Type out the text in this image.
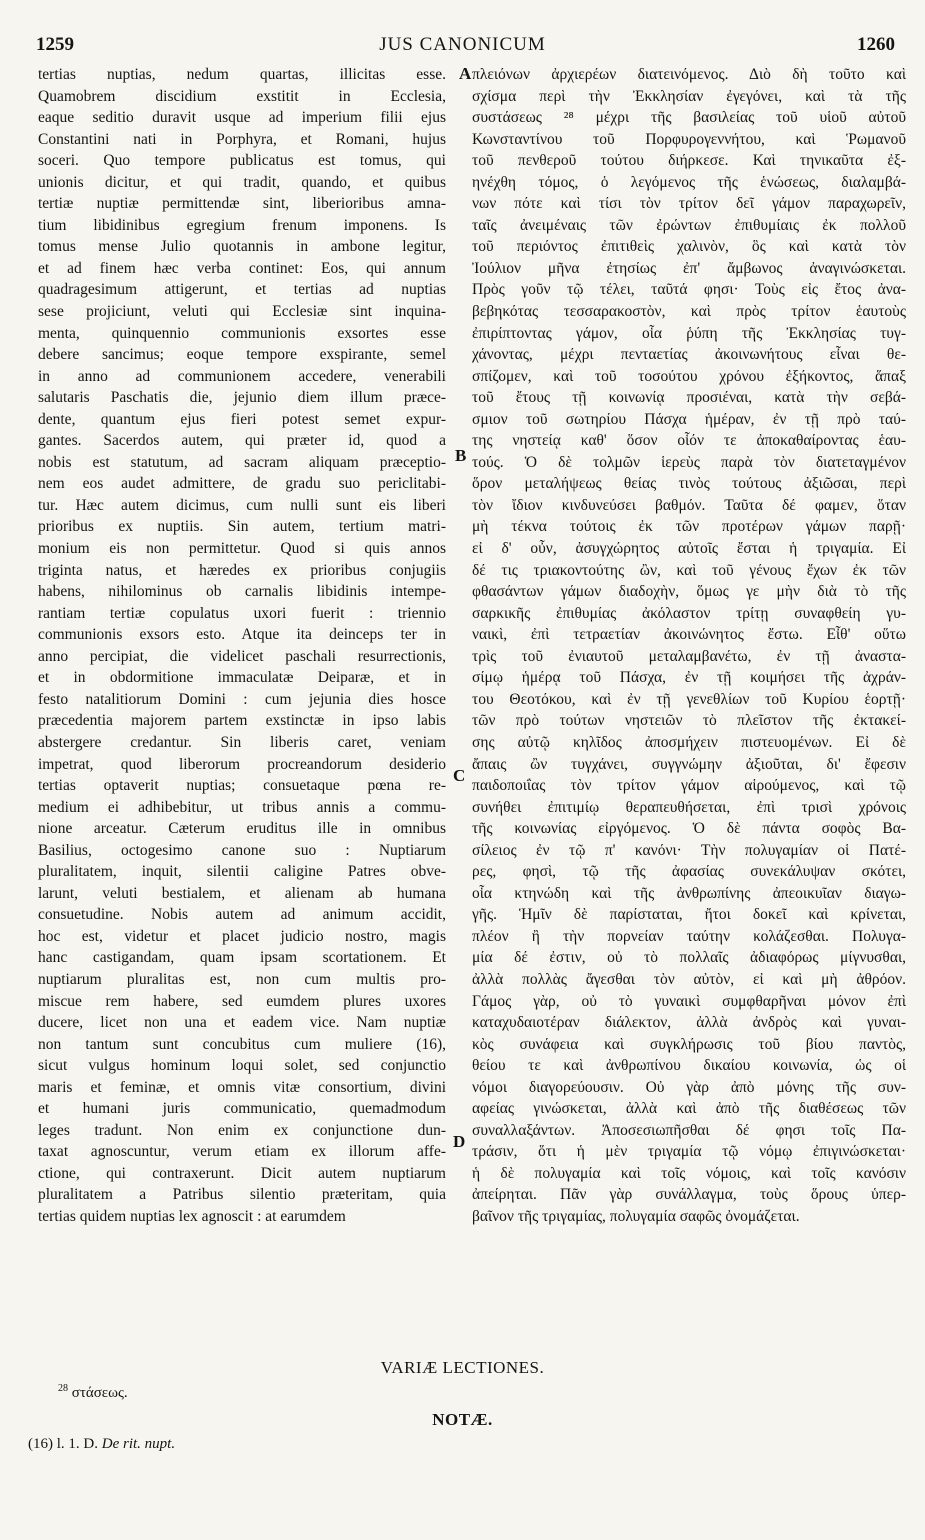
1259	JUS CANONICUM	1260
tertias nuptias, nedum quartas, illicitas esse.
Quamobrem discidium exstitit in Ecclesia,
eaque seditio duravit usque ad imperium filii ejus
Constantini nati in Porphyra, et Romani, hujus
soceri. Quo tempore publicatus est tomus, qui
unionis dicitur, et qui tradit, quando, et quibus
tertiæ nuptiæ permittendæ sint, liberioribus amna-
tium libidinibus egregium frenum imponens. Is
tomus mense Julio quotannis in ambone legitur,
et ad finem hæc verba continet: Eos, qui annum
quadragesimum attigerunt, et tertias ad nuptias
sese projiciunt, veluti qui Ecclesiæ sint inquina-
menta, quinquennio communionis exsortes esse
debere sancimus; eoque tempore exspirante, semel
in anno ad communionem accedere, venerabili
salutaris Paschatis die, jejunio diem illum præce-
dente, quantum ejus fieri potest semet expur-
gantes. Sacerdos autem, qui præter id, quod a
nobis est statutum, ad sacram aliquam præceptio-
nem eos audet admittere, de gradu suo periclitabi-
tur. Hæc autem dicimus, cum nulli sunt eis liberi
prioribus ex nuptiis. Sin autem, tertium matri-
monium eis non permittetur. Quod si quis annos
triginta natus, et hæredes ex prioribus conjugiis
habens, nihilominus ob carnalis libidinis intempe-
rantiam tertiæ copulatus uxori fuerit : triennio
communionis exsors esto. Atque ita deinceps ter in
anno percipiat, die videlicet paschali resurrectionis,
et in obdormitione immaculatæ Deiparæ, et in
festo natalitiorum Domini : cum jejunia dies hosce
præcedentia majorem partem exstinctæ in ipso labis
abstergere credantur. Sin liberis caret, veniam
impetrat, quod liberorum procreandorum desiderio
tertias optaverit nuptias; consuetaque pœna re-
medium ei adhibebitur, ut tribus annis a commu-
nione arceatur. Cæterum eruditus ille in omnibus
Basilius, octogesimo canone suo : Nuptiarum
pluralitatem, inquit, silentii caligine Patres obve-
larunt, veluti bestialem, et alienam ab humana
consuetudine. Nobis autem ad animum accidit,
hoc est, videtur et placet judicio nostro, magis
hanc castigandam, quam ipsam scortationem. Et
nuptiarum pluralitas est, non cum multis pro-
miscue rem habere, sed eumdem plures uxores
ducere, licet non una et eadem vice. Nam nuptiæ
non tantum sunt concubitus cum muliere (16),
sicut vulgus hominum loqui solet, sed conjunctio
maris et feminæ, et omnis vitæ consortium, divini
et humani juris communicatio, quemadmodum
leges tradunt. Non enim ex conjunctione dun-
taxat agnoscuntur, verum etiam ex illorum affe-
ctione, qui contraxerunt. Dicit autem nuptiarum
pluralitatem a Patribus silentio præteritam, quia
tertias quidem nuptias lex agnoscit : at earumdem
πλειόνων ἀρχιερέων διατεινόμενος. Διὸ δὴ τοῦτο καὶ
σχίσμα περὶ τὴν Ἐκκλησίαν ἐγεγόνει, καὶ τὰ τῆς
συστάσεως ²⁸ μέχρι τῆς βασιλείας τοῦ υἱοῦ αὐτοῦ
Κωνσταντίνου τοῦ Πορφυρογεννήτου, καὶ Ῥωμανοῦ
τοῦ πενθεροῦ τούτου διήρκεσε. Καὶ τηνικαῦτα ἐξ-
ηνέχθη τόμος, ὁ λεγόμενος τῆς ἑνώσεως, διαλαμβά-
νων πότε καὶ τίσι τὸν τρίτον δεῖ γάμον παραχωρεῖν,
ταῖς ἀνειμέναις τῶν ἐρώντων ἐπιθυμίαις ἐκ πολλοῦ
τοῦ περιόντος ἐπιτιθεὶς χαλινὸν, ὃς καὶ κατὰ τὸν
Ἰούλιον μῆνα ἐτησίως ἐπ' ἄμβωνος ἀναγινώσκεται.
Πρὸς γοῦν τῷ τέλει, ταῦτά φησι· Τοὺς εἰς ἔτος ἀνα-
βεβηκότας τεσσαρακοστὸν, καὶ πρὸς τρίτον ἑαυτοὺς
ἐπιρίπτοντας γάμον, οἷα ῥύπη τῆς Ἐκκλησίας τυγ-
χάνοντας, μέχρι πενταετίας ἀκοινωνήτους εἶναι θε-
σπίζομεν, καὶ τοῦ τοσούτου χρόνου ἐξήκοντος, ἅπαξ
τοῦ ἔτους τῇ κοινωνίᾳ προσιέναι, κατὰ τὴν σεβά-
σμιον τοῦ σωτηρίου Πάσχα ἡμέραν, ἐν τῇ πρὸ ταύ-
της νηστείᾳ καθ' ὅσον οἷόν τε ἀποκαθαίροντας ἑαυ-
τούς. Ὁ δὲ τολμῶν ἱερεὺς παρὰ τὸν διατεταγμένον
ὅρον μεταλήψεως θείας τινὸς τούτους ἀξιῶσαι, περὶ
τὸν ἴδιον κινδυνεύσει βαθμόν. Ταῦτα δέ φαμεν, ὅταν
μὴ τέκνα τούτοις ἐκ τῶν προτέρων γάμων παρῇ·
εἰ δ' οὖν, ἀσυγχώρητος αὐτοῖς ἔσται ἡ τριγαμία. Εἰ
δέ τις τριακοντούτης ὢν, καὶ τοῦ γένους ἔχων ἐκ τῶν
φθασάντων γάμων διαδοχὴν, ὅμως γε μὴν διὰ τὸ τῆς
σαρκικῆς ἐπιθυμίας ἀκόλαστον τρίτῃ συναφθείη γυ-
ναικὶ, ἐπὶ τετραετίαν ἀκοινώνητος ἔστω. Εἶθ' οὕτω
τρὶς τοῦ ἐνιαυτοῦ μεταλαμβανέτω, ἐν τῇ ἀναστα-
σίμῳ ἡμέρᾳ τοῦ Πάσχα, ἐν τῇ κοιμήσει τῆς ἀχράν-
του Θεοτόκου, καὶ ἐν τῇ γενεθλίων τοῦ Κυρίου ἑορτῇ·
τῶν πρὸ τούτων νηστειῶν τὸ πλεῖστον τῆς ἐκτακεί-
σης αὐτῷ κηλῖδος ἀποσμήχειν πιστευομένων. Εἰ δὲ
ἄπαις ὢν τυγχάνει, συγγνώμην ἀξιοῦται, δι' ἔφεσιν
παιδοποιΐας τὸν τρίτον γάμον αἱρούμενος, καὶ τῷ
συνήθει ἐπιτιμίῳ θεραπευθήσεται, ἐπὶ τρισὶ χρόνοις
τῆς κοινωνίας εἰργόμενος. Ὁ δὲ πάντα σοφὸς Βα-
σίλειος ἐν τῷ π' κανόνι· Τὴν πολυγαμίαν οἱ Πατέ-
ρες, φησὶ, τῷ τῆς ἀφασίας συνεκάλυψαν σκότει,
οἷα κτηνώδη καὶ τῆς ἀνθρωπίνης ἀπεοικυῖαν διαγω-
γῆς. Ἡμῖν δὲ παρίσταται, ἤτοι δοκεῖ καὶ κρίνεται,
πλέον ἢ τὴν πορνείαν ταύτην κολάζεσθαι. Πολυγα-
μία δέ ἐστιν, οὐ τὸ πολλαῖς ἀδιαφόρως μίγνυσθαι,
ἀλλὰ πολλὰς ἄγεσθαι τὸν αὐτὸν, εἰ καὶ μὴ ἀθρόον.
Γάμος γὰρ, οὐ τὸ γυναικὶ συμφθαρῆναι μόνον ἐπὶ
καταχυδαιοτέραν διάλεκτον, ἀλλὰ ἀνδρὸς καὶ γυναι-
κὸς συνάφεια καὶ συγκλήρωσις τοῦ βίου παντὸς,
θείου τε καὶ ἀνθρωπίνου δικαίου κοινωνία, ὡς οἱ
νόμοι διαγορεύουσιν. Οὐ γὰρ ἀπὸ μόνης τῆς συν-
αφείας γινώσκεται, ἀλλὰ καὶ ἀπὸ τῆς διαθέσεως τῶν
συναλλαξάντων. Ἀποσεσιωπῆσθαι δέ φησι τοῖς Πα-
τράσιν, ὅτι ἡ μὲν τριγαμία τῷ νόμῳ ἐπιγινώσκεται·
ἡ δὲ πολυγαμία καὶ τοῖς νόμοις, καὶ τοῖς κανόσιν
ἀπείρηται. Πᾶν γὰρ συνάλλαγμα, τοὺς ὅρους ὑπερ-
βαῖνον τῆς τριγαμίας, πολυγαμία σαφῶς ὀνομάζεται.
A
B
C
D
VARIÆ LECTIONES.
$^{28}$ στάσεως.
NOTÆ.
(16) l. 1. D. De rit. nupt.
